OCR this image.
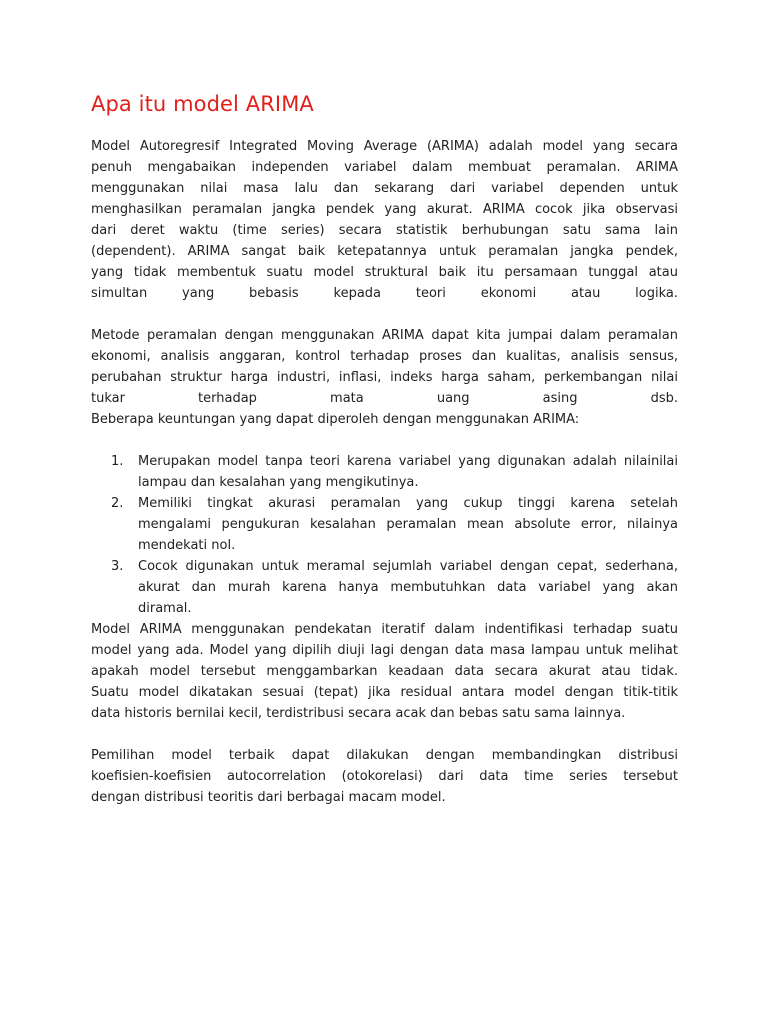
Apa itu model ARIMA

Model Autoregresif Integrated Moving Average (ARIMA) adalah model yang secara

penuh mengabaikan independen variabel dalam membuat peramalan. ARIMA

menggunakan nilai masa lalu dan sekarang dari variabel dependen untuk

menghasilkan peramalan jangka pendek yang akurat. ARIMA cocok jika observasi

dari deret waktu (time series) secara statistik berhubungan satu sama lain

(dependent). ARIMA sangat baik ketepatannya untuk peramalan jangka pendek,

yang tidak membentuk suatu model struktural baik itu persamaan tunggal atau

simultan yang bebasis kepada teori ekonomi atau logika.

Metode peramalan dengan menggunakan ARIMA dapat kita jumpai dalam peramalan

ekonomi, analisis anggaran, kontrol terhadap proses dan kualitas, analisis sensus,

perubahan struktur harga industri, inflasi, indeks harga saham, perkembangan nilai

tukar terhadap mata uang asing dsb.

Beberapa keuntungan yang dapat diperoleh dengan menggunakan ARIMA:

1. Merupakan model tanpa teori karena variabel yang digunakan adalah nilainilai

lampau dan kesalahan yang mengikutinya.

2. Memiliki tingkat akurasi peramalan yang cukup tinggi karena setelah

mengalami pengukuran kesalahan peramalan mean absolute error, nilainya

mendekati nol.

3. Cocok digunakan untuk meramal sejumlah variabel dengan cepat, sederhana,

akurat dan murah karena hanya membutuhkan data variabel yang akan

diramal.

Model ARIMA menggunakan pendekatan iteratif dalam indentifikasi terhadap suatu

model yang ada. Model yang dipilih diuji lagi dengan data masa lampau untuk melihat

apakah model tersebut menggambarkan keadaan data secara akurat atau tidak.

Suatu model dikatakan sesuai (tepat) jika residual antara model dengan titik-titik

data historis bernilai kecil, terdistribusi secara acak dan bebas satu sama lainnya.

Pemilihan model terbaik dapat dilakukan dengan membandingkan distribusi

koefisien-koefisien autocorrelation (otokorelasi) dari data time series tersebut

dengan distribusi teoritis dari berbagai macam model.
